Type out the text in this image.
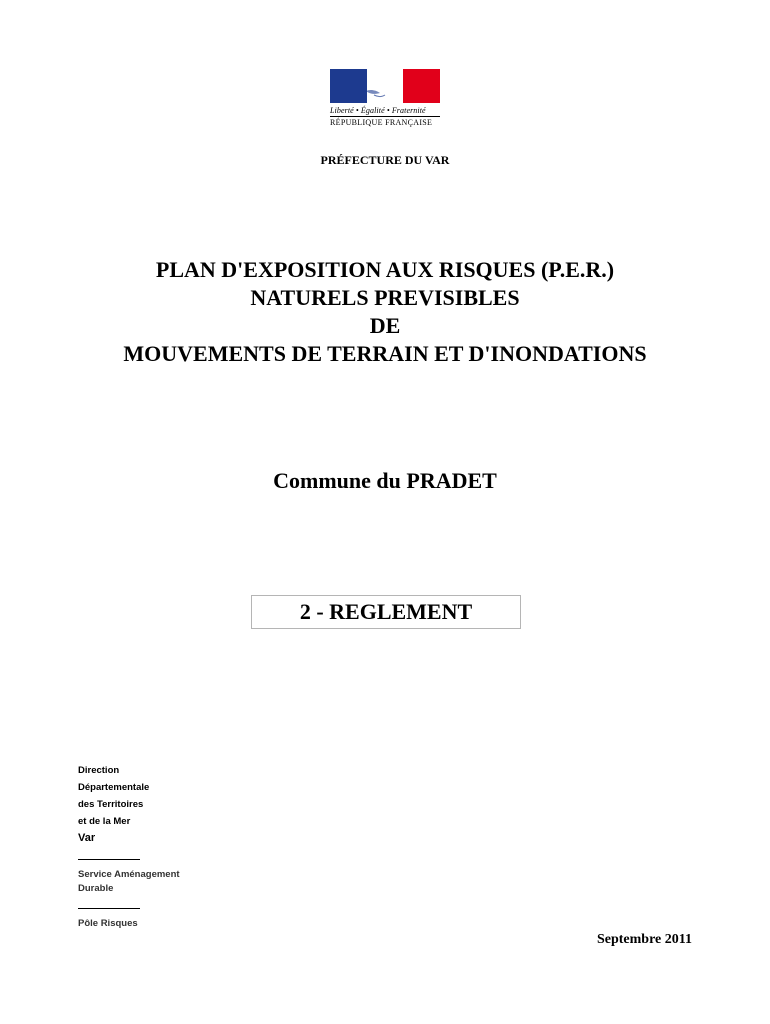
Liberté • Égalité • Fraternité
RÉPUBLIQUE FRANÇAISE
PRÉFECTURE DU VAR
PLAN D'EXPOSITION AUX RISQUES (P.E.R.)
NATURELS PREVISIBLES
DE
MOUVEMENTS DE TERRAIN ET D'INONDATIONS
Commune du PRADET
2 - REGLEMENT
Direction
Départementale
des Territoires
et de la Mer
Var
Service Aménagement
Durable
Pôle Risques
Septembre 2011
